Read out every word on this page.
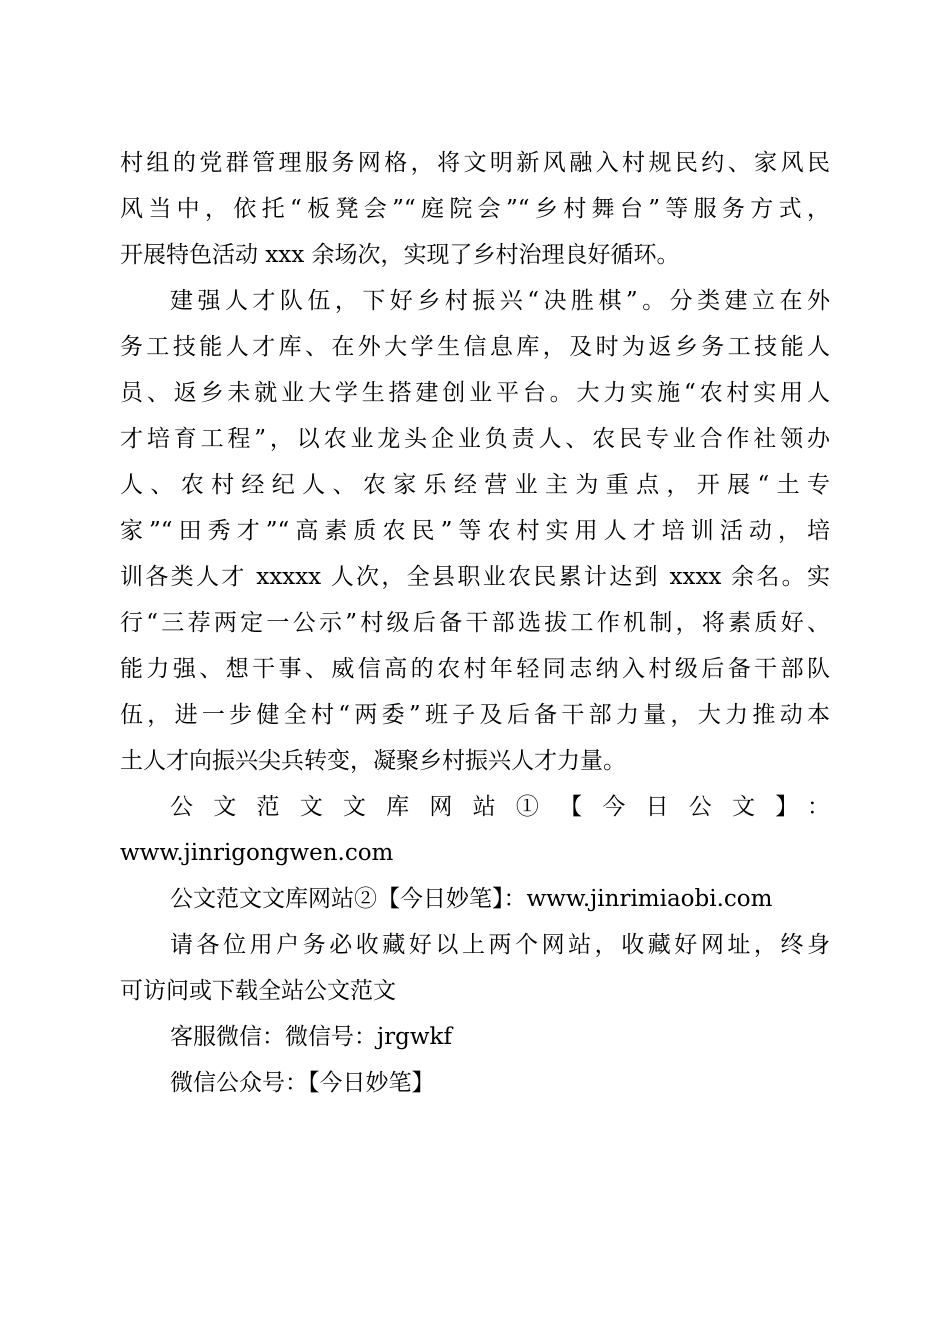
村组的党群管理服务网格，将文明新风融入村规民约、家风民
风当中，依托“板凳会”“庭院会”“乡村舞台”等服务方式，
开展特色活动 xxx 余场次，实现了乡村治理良好循环。
建强人才队伍，下好乡村振兴“决胜棋”。分类建立在外
务工技能人才库、在外大学生信息库，及时为返乡务工技能人
员、返乡未就业大学生搭建创业平台。大力实施“农村实用人
才培育工程”，以农业龙头企业负责人、农民专业合作社领办
人、农村经纪人、农家乐经营业主为重点，开展“土专
家”“田秀才”“高素质农民”等农村实用人才培训活动，培
训各类人才 xxxxx 人次，全县职业农民累计达到 xxxx 余名。实
行“三荐两定一公示”村级后备干部选拔工作机制，将素质好、
能力强、想干事、威信高的农村年轻同志纳入村级后备干部队
伍，进一步健全村“两委”班子及后备干部力量，大力推动本
土人才向振兴尖兵转变，凝聚乡村振兴人才力量。
公文范文文库网站①【今日公文】：
www.jinrigongwen.com
公文范文文库网站②【今日妙笔】：www.jinrimiaobi.com
请各位用户务必收藏好以上两个网站，收藏好网址，终身
可访问或下载全站公文范文
客服微信：微信号：jrgwkf
微信公众号：【今日妙笔】
